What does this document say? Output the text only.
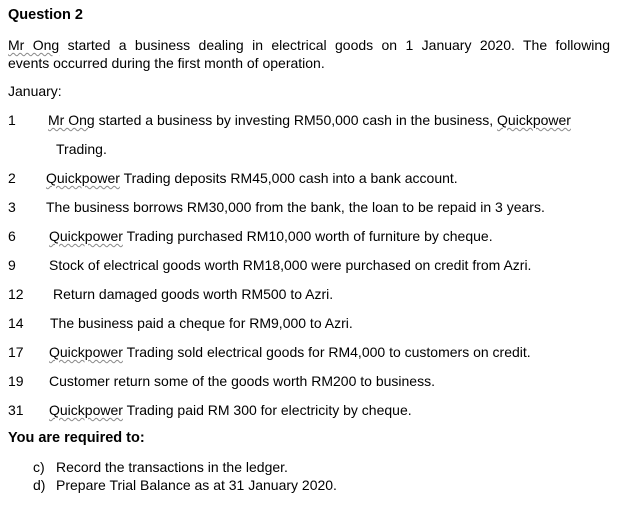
Question 2
Mr Ong started a business dealing in electrical goods on 1 January 2020. The following
events occurred during the first month of operation.
January:
1	Mr Ong started a business by investing RM50,000 cash in the business, Quickpower
Trading.
2	Quickpower Trading deposits RM45,000 cash into a bank account.
3	The business borrows RM30,000 from the bank, the loan to be repaid in 3 years.
6	Quickpower Trading purchased RM10,000 worth of furniture by cheque.
9	Stock of electrical goods worth RM18,000 were purchased on credit from Azri.
12	Return damaged goods worth RM500 to Azri.
14	The business paid a cheque for RM9,000 to Azri.
17	Quickpower Trading sold electrical goods for RM4,000 to customers on credit.
19	Customer return some of the goods worth RM200 to business.
31	Quickpower Trading paid RM 300 for electricity by cheque.
You are required to:
c) Record the transactions in the ledger.
d) Prepare Trial Balance as at 31 January 2020.
